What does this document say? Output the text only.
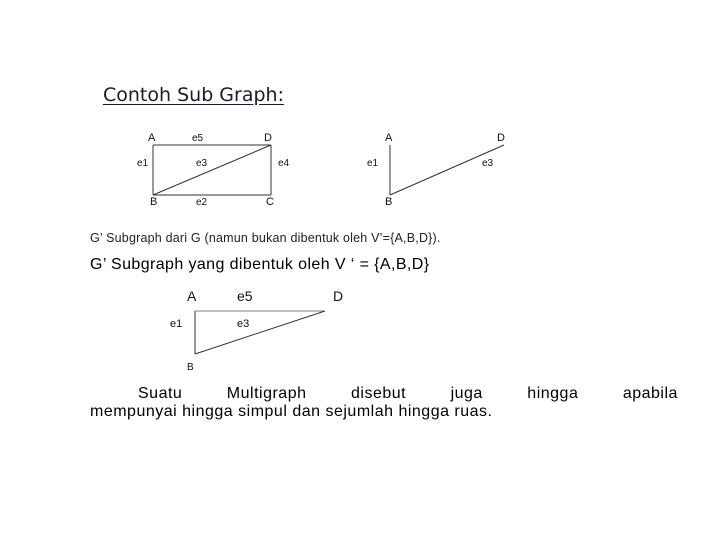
Contoh Sub Graph:
A	D
B	C
e5
e1	e3	e4
e2
A	D
B
e1	e3
G’ Subgraph dari G (namun bukan dibentuk oleh V’={A,B,D}).
G’ Subgraph yang dibentuk oleh V ‘ = {A,B,D}
A	D
B
e5
e1	e3
Suatu	Multigraph	disebut	juga	hingga	apabila
mempunyai hingga simpul dan sejumlah hingga ruas.
